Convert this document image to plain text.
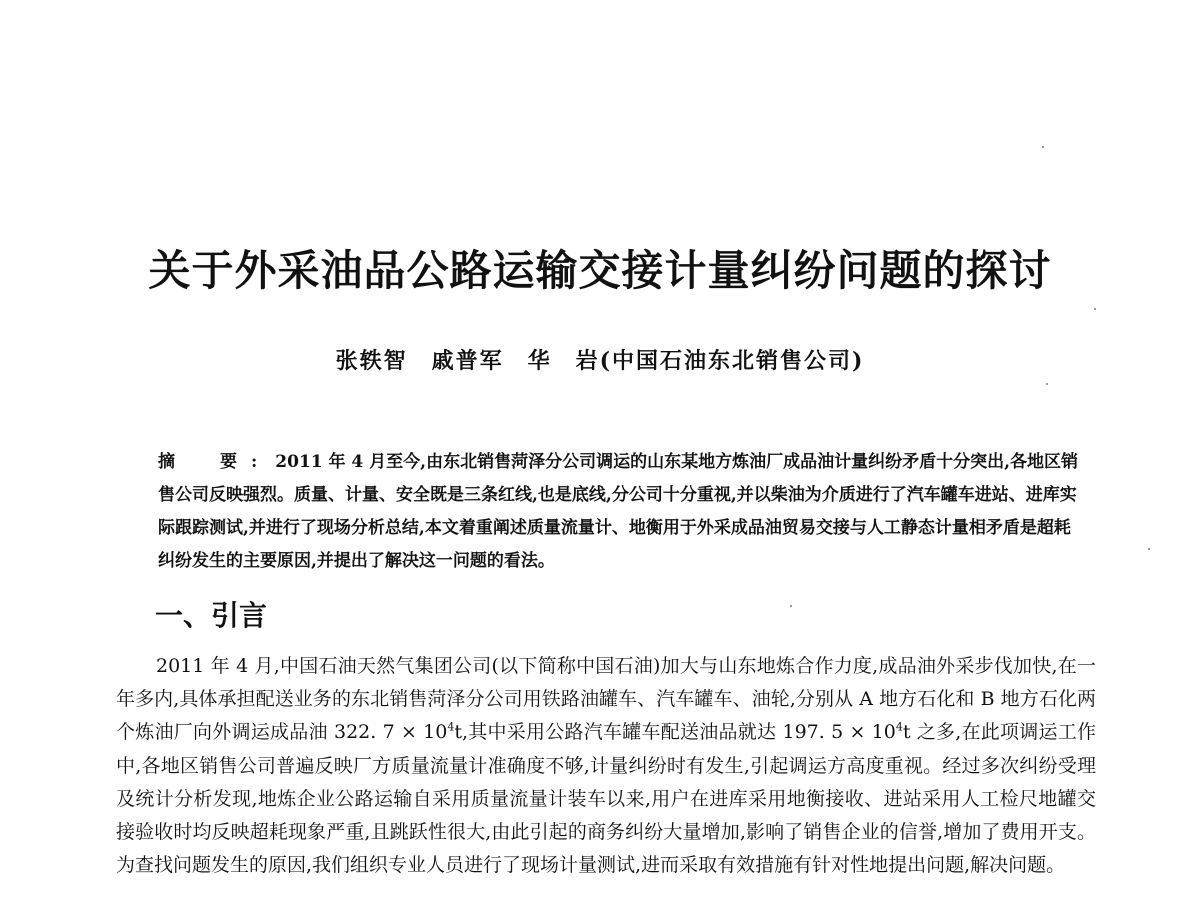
关于外采油品公路运输交接计量纠纷问题的探讨
张轶智　戚普军　华　岩(中国石油东北销售公司)
摘　要: 2011 年 4 月至今,由东北销售菏泽分公司调运的山东某地方炼油厂成品油计量纠纷矛盾十分突出,各地区销售公司反映强烈。质量、计量、安全既是三条红线,也是底线,分公司十分重视,并以柴油为介质进行了汽车罐车进站、进库实际跟踪测试,并进行了现场分析总结,本文着重阐述质量流量计、地衡用于外采成品油贸易交接与人工静态计量相矛盾是超耗纠纷发生的主要原因,并提出了解决这一问题的看法。
一、引言
2011 年 4 月,中国石油天然气集团公司(以下简称中国石油)加大与山东地炼合作力度,成品油外采步伐加快,在一年多内,具体承担配送业务的东北销售菏泽分公司用铁路油罐车、汽车罐车、油轮,分别从 A 地方石化和 B 地方石化两个炼油厂向外调运成品油 322. $7 \times 10^4t$,其中采用公路汽车罐车配送油品就达 197. $5 \times 10^4t$ 之多,在此项调运工作中,各地区销售公司普遍反映厂方质量流量计准确度不够,计量纠纷时有发生,引起调运方高度重视。经过多次纠纷受理及统计分析发现,地炼企业公路运输自采用质量流量计装车以来,用户在进库采用地衡接收、进站采用人工检尺地罐交接验收时均反映超耗现象严重,且跳跃性很大,由此引起的商务纠纷大量增加,影响了销售企业的信誉,增加了费用开支。为查找问题发生的原因,我们组织专业人员进行了现场计量测试,进而采取有效措施有针对性地提出问题,解决问题。
